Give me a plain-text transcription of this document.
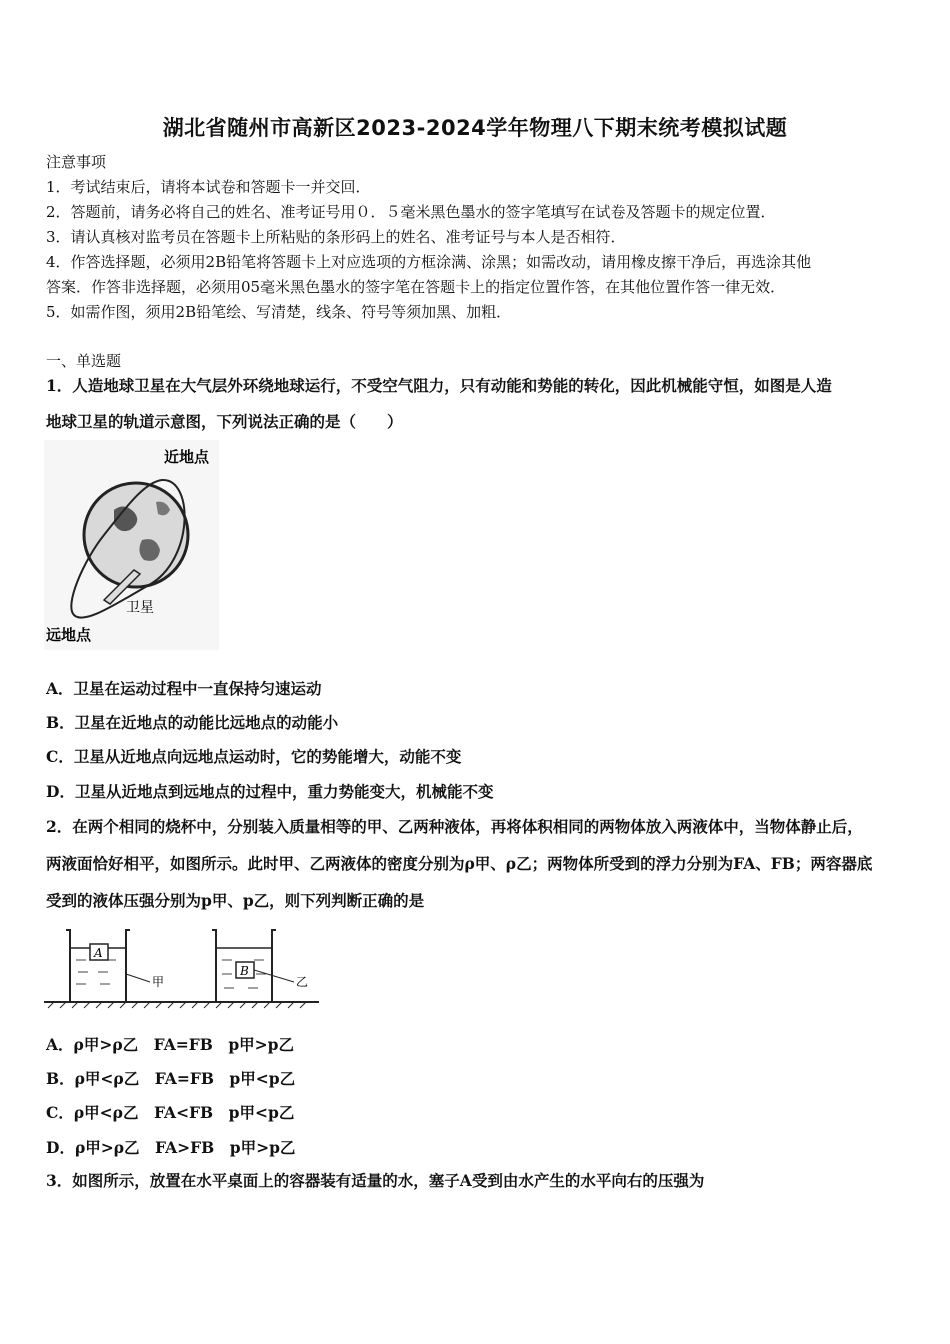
湖北省随州市高新区2023-2024学年物理八下期末统考模拟试题
注意事项
1．考试结束后，请将本试卷和答题卡一并交回．
2．答题前，请务必将自己的姓名、准考证号用０．５毫米黑色墨水的签字笔填写在试卷及答题卡的规定位置．
3．请认真核对监考员在答题卡上所粘贴的条形码上的姓名、准考证号与本人是否相符．
4．作答选择题，必须用2B铅笔将答题卡上对应选项的方框涂满、涂黑；如需改动，请用橡皮擦干净后，再选涂其他
答案．作答非选择题，必须用05毫米黑色墨水的签字笔在答题卡上的指定位置作答，在其他位置作答一律无效．
5．如需作图，须用2B铅笔绘、写清楚，线条、符号等须加黑、加粗．
一、单选题
1．人造地球卫星在大气层外环绕地球运行，不受空气阻力，只有动能和势能的转化，因此机械能守恒，如图是人造
地球卫星的轨道示意图，下列说法正确的是（　　）
近地点
卫星
远地点
A．卫星在运动过程中一直保持匀速运动
B．卫星在近地点的动能比远地点的动能小
C．卫星从近地点向远地点运动时，它的势能增大，动能不变
D．卫星从近地点到远地点的过程中，重力势能变大，机械能不变
2．在两个相同的烧杯中，分别装入质量相等的甲、乙两种液体，再将体积相同的两物体放入两液体中，当物体静止后，
两液面恰好相平，如图所示。此时甲、乙两液体的密度分别为ρ甲、ρ乙；两物体所受到的浮力分别为FA、FB；两容器底
受到的液体压强分别为p甲、p乙，则下列判断正确的是
A
甲
B
乙
A．ρ甲>ρ乙　FA=FB　p甲>p乙
B．ρ甲<ρ乙　FA=FB　p甲<p乙
C．ρ甲<ρ乙　FA<FB　p甲<p乙
D．ρ甲>ρ乙　FA>FB　p甲>p乙
3．如图所示，放置在水平桌面上的容器装有适量的水，塞子A受到由水产生的水平向右的压强为
